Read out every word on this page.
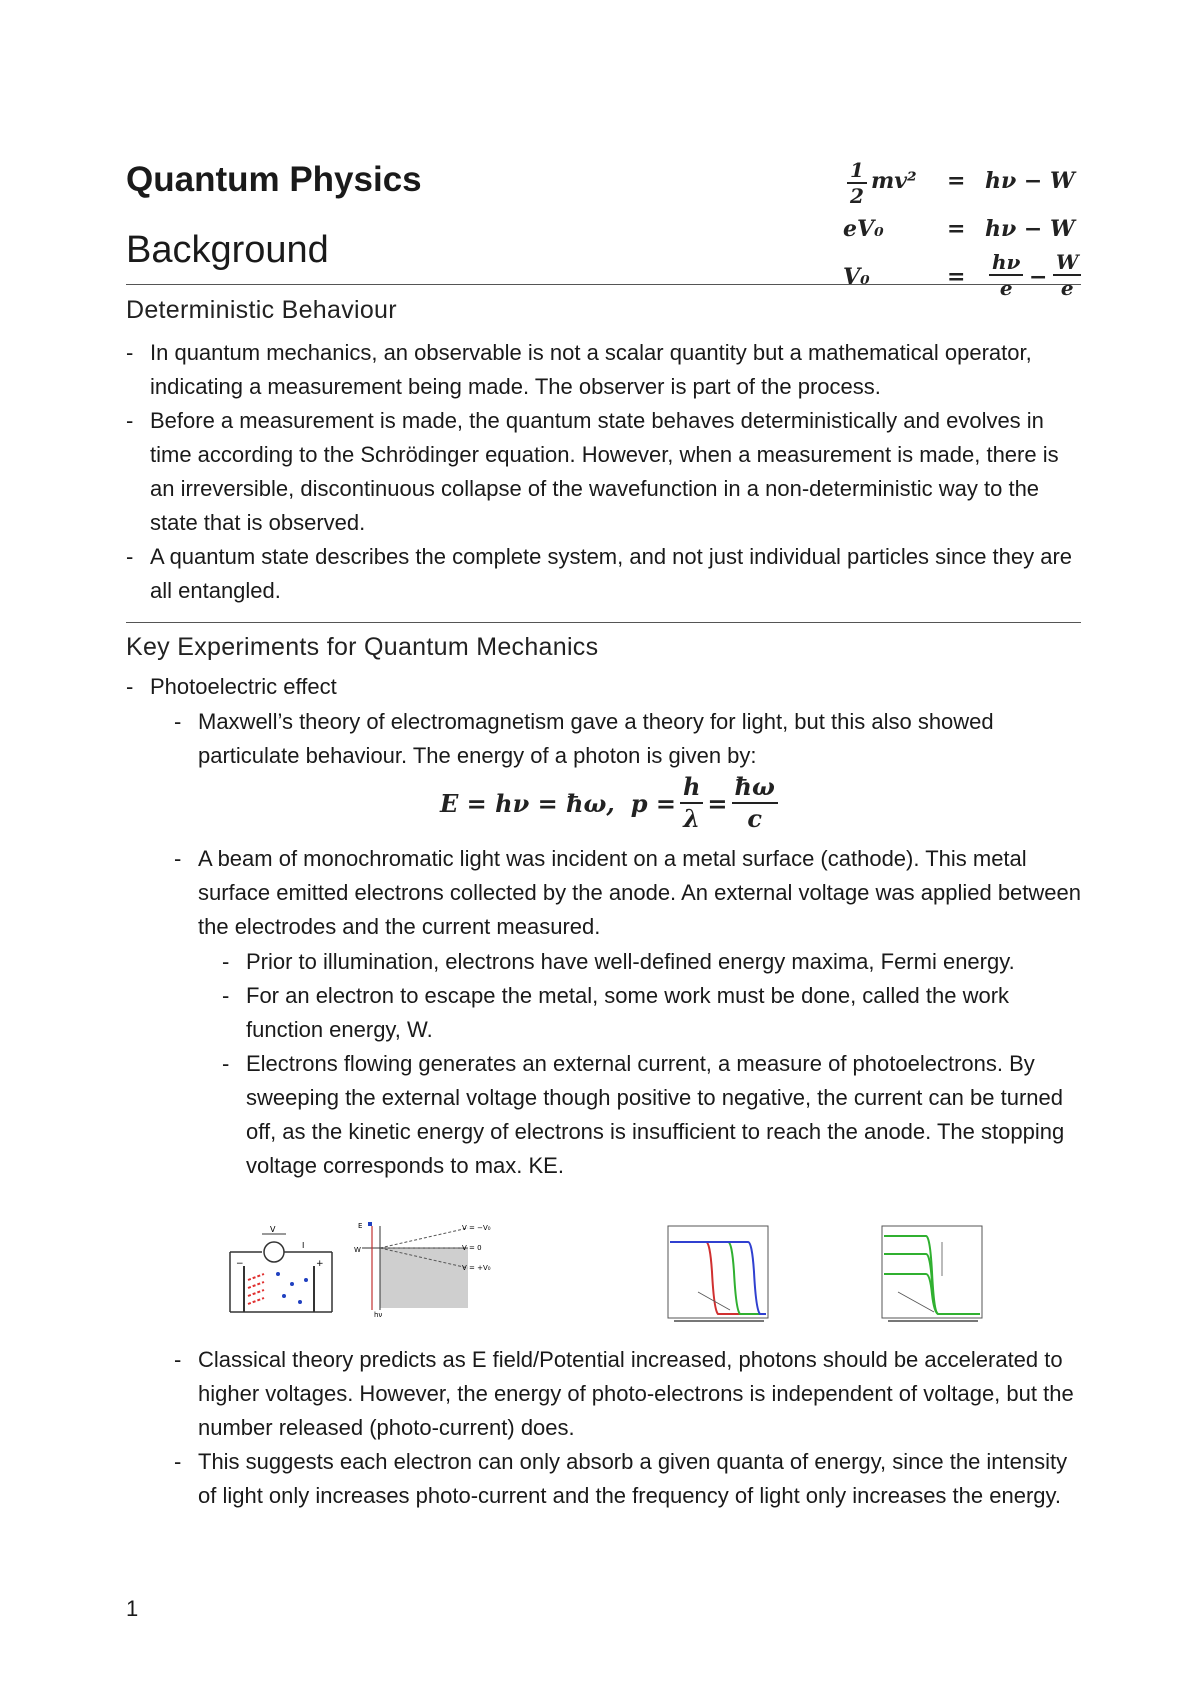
Quantum Physics
Background
$\frac{1}{2} mv^2 = h\nu - W$
eV₀	= hν − W
V₀	= $\frac{h\nu}{e} - \frac{W}{e}$
Deterministic Behaviour
- In quantum mechanics, an observable is not a scalar quantity but a mathematical operator, indicating a measurement being made. The observer is part of the process.
- Before a measurement is made, the quantum state behaves deterministically and evolves in time according to the Schrödinger equation. However, when a measurement is made, there is an irreversible, discontinuous collapse of the wavefunction in a non-deterministic way to the state that is observed.
- A quantum state describes the complete system, and not just individual particles since they are all entangled.
Key Experiments for Quantum Mechanics
- Photoelectric effect
- Maxwell’s theory of electromagnetism gave a theory for light, but this also showed particulate behaviour. The energy of a photon is given by:
E = hν = ħω, $p = \frac{h}{\lambda} = \frac{ħ\omega}{c}$
- A beam of monochromatic light was incident on a metal surface (cathode). This metal surface emitted electrons collected by the anode. An external voltage was applied between the electrodes and the current measured.
- Prior to illumination, electrons have well-defined energy maxima, Fermi energy.
- For an electron to escape the metal, some work must be done, called the work function energy, W.
- Electrons flowing generates an external current, a measure of photoelectrons. By sweeping the external voltage though positive to negative, the current can be turned off, as the kinetic energy of electrons is insufficient to reach the anode. The stopping voltage corresponds to max. KE.
V
I
−	+
E
W
hν
V = −V₀
V = 0
V = +V₀
- Classical theory predicts as E field/Potential increased, photons should be accelerated to higher voltages. However, the energy of photo-electrons is independent of voltage, but the number released (photo-current) does.
- This suggests each electron can only absorb a given quanta of energy, since the intensity of light only increases photo-current and the frequency of light only increases the energy.
1
